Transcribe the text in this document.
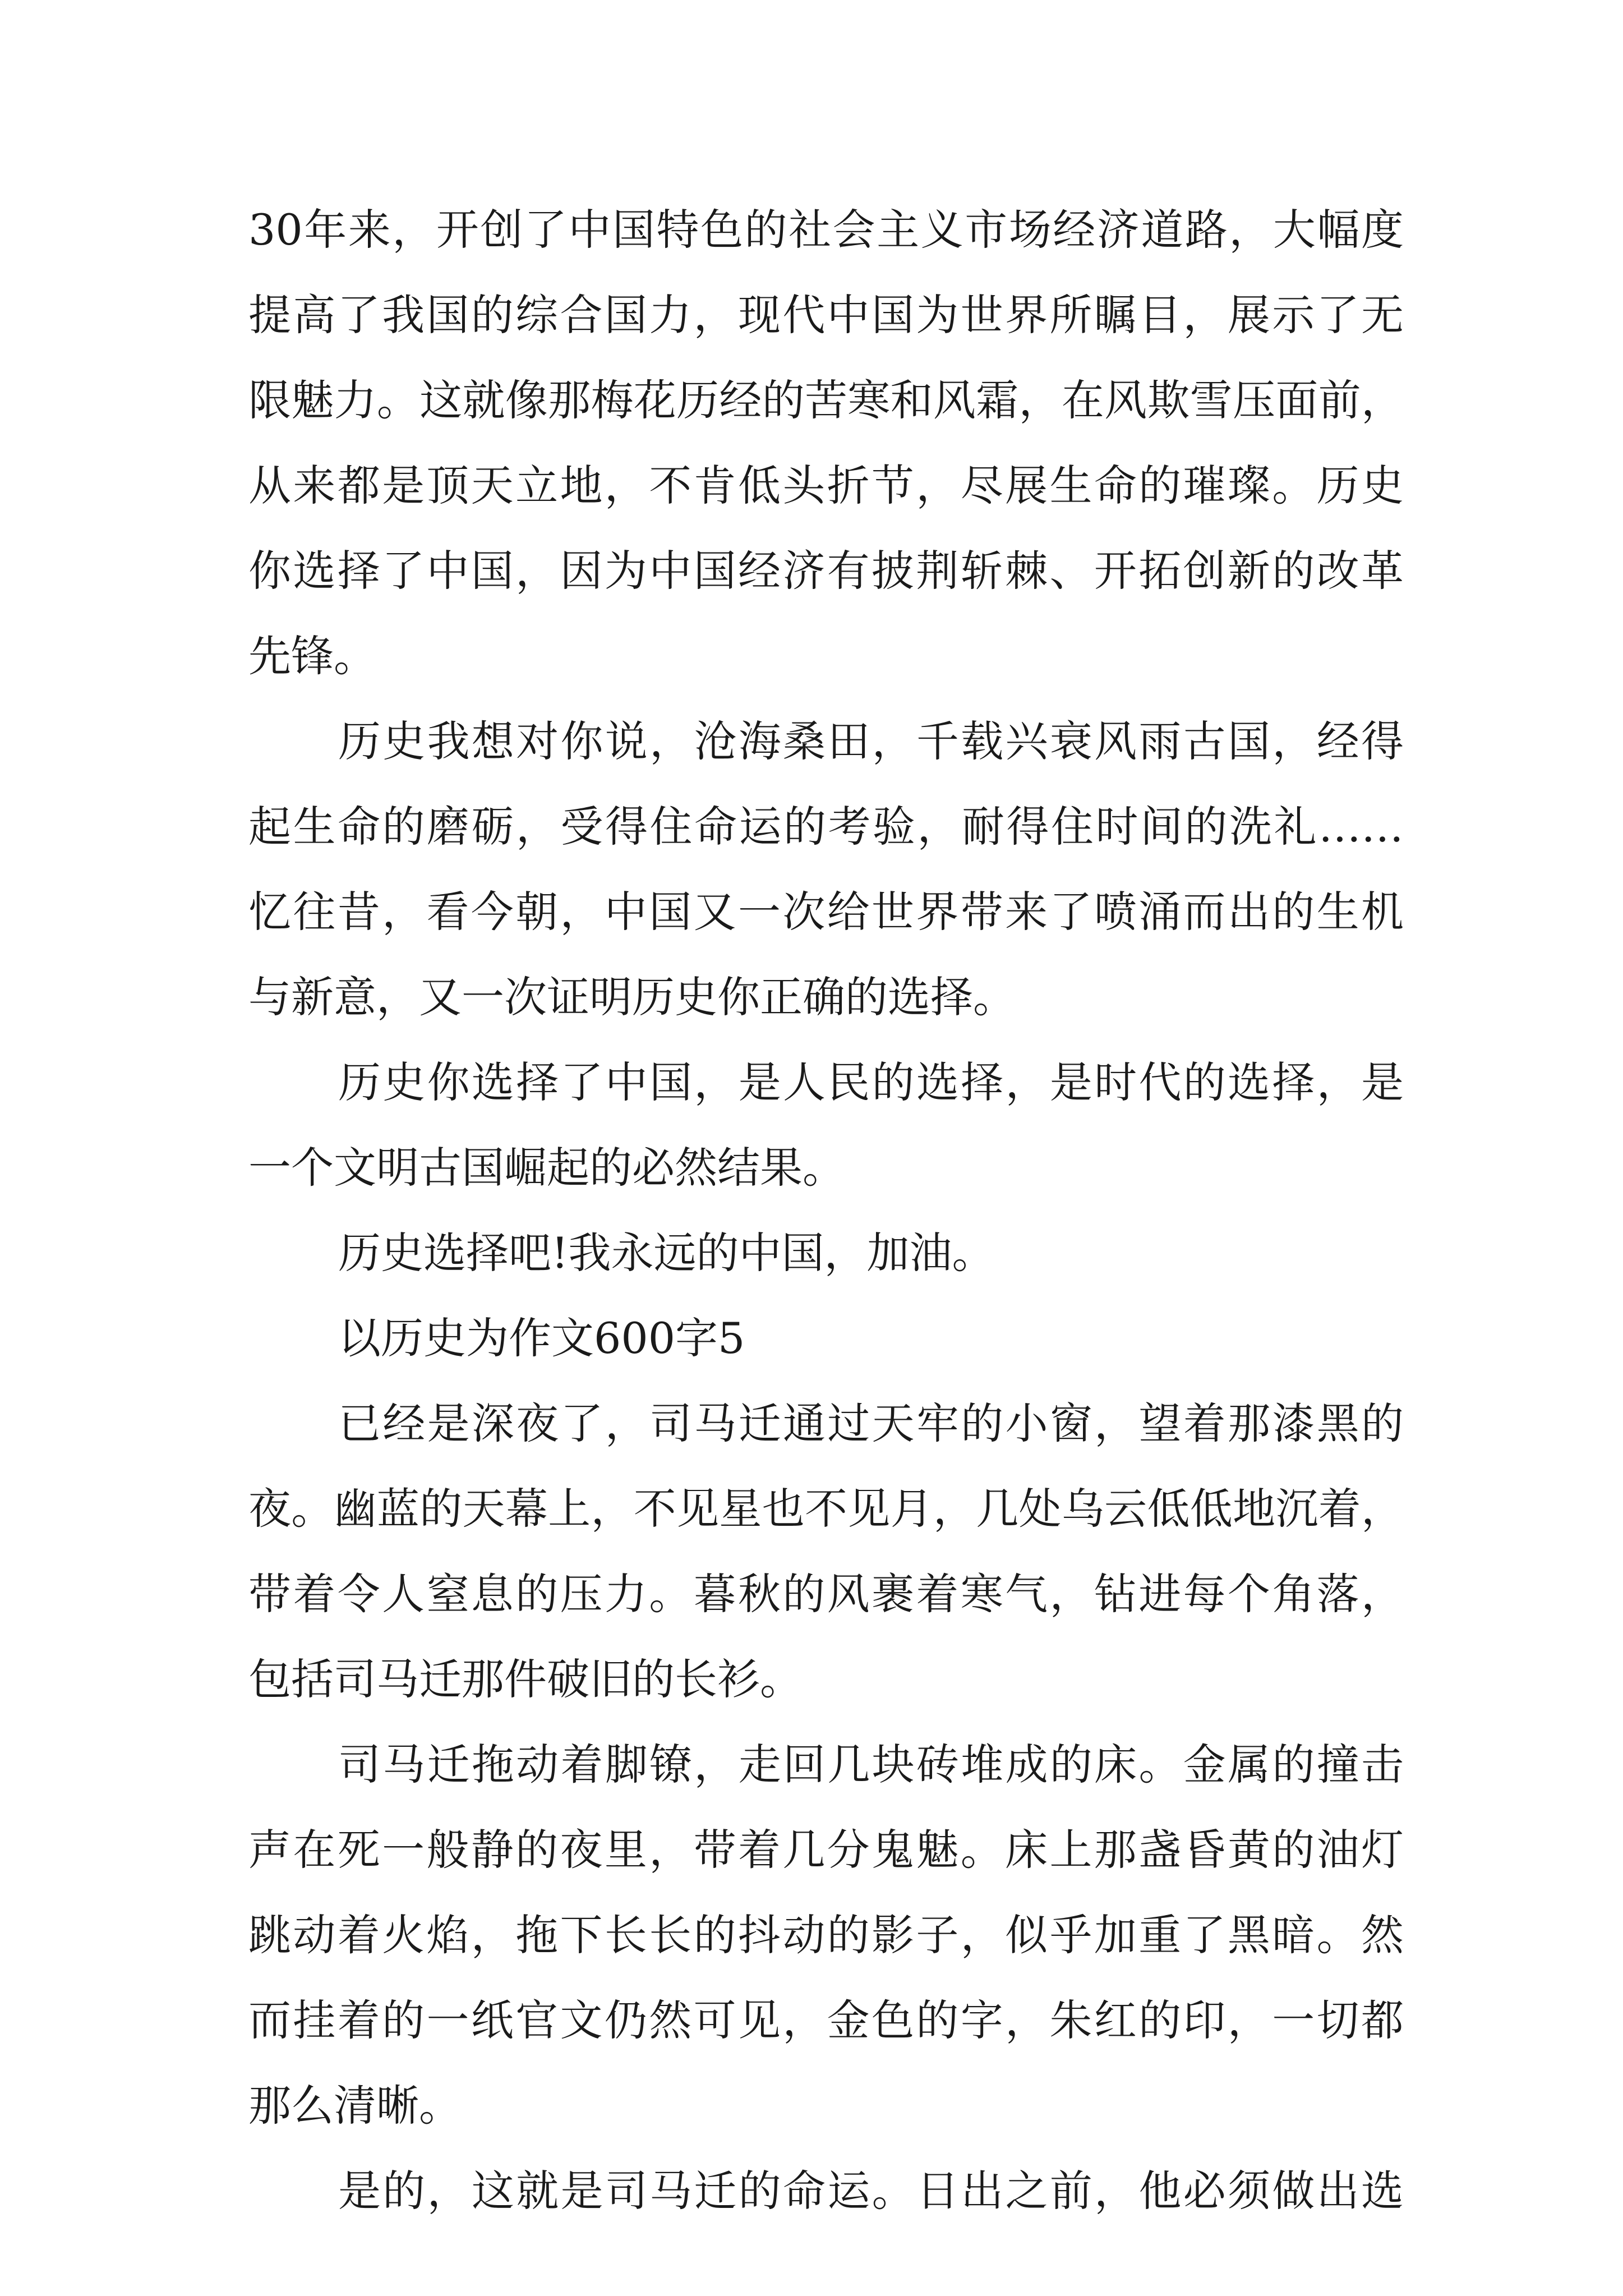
30年来，开创了中国特色的社会主义市场经济道路，大幅度

提高了我国的综合国力，现代中国为世界所瞩目，展示了无

限魅力。这就像那梅花历经的苦寒和风霜，在风欺雪压面前，

从来都是顶天立地，不肯低头折节，尽展生命的璀璨。历史

你选择了中国，因为中国经济有披荆斩棘、开拓创新的改革

先锋。

历史我想对你说，沧海桑田，千载兴衰风雨古国，经得

起生命的磨砺，受得住命运的考验，耐得住时间的洗礼……

忆往昔，看今朝，中国又一次给世界带来了喷涌而出的生机

与新意，又一次证明历史你正确的选择。

历史你选择了中国，是人民的选择，是时代的选择，是

一个文明古国崛起的必然结果。

历史选择吧!我永远的中国，加油。

以历史为作文600字5

已经是深夜了，司马迁通过天牢的小窗，望着那漆黑的

夜。幽蓝的天幕上，不见星也不见月，几处乌云低低地沉着，

带着令人窒息的压力。暮秋的风裹着寒气，钻进每个角落，

包括司马迁那件破旧的长衫。

司马迁拖动着脚镣，走回几块砖堆成的床。金属的撞击

声在死一般静的夜里，带着几分鬼魅。床上那盏昏黄的油灯

跳动着火焰，拖下长长的抖动的影子，似乎加重了黑暗。然

而挂着的一纸官文仍然可见，金色的字，朱红的印，一切都

那么清晰。

是的，这就是司马迁的命运。日出之前，他必须做出选
